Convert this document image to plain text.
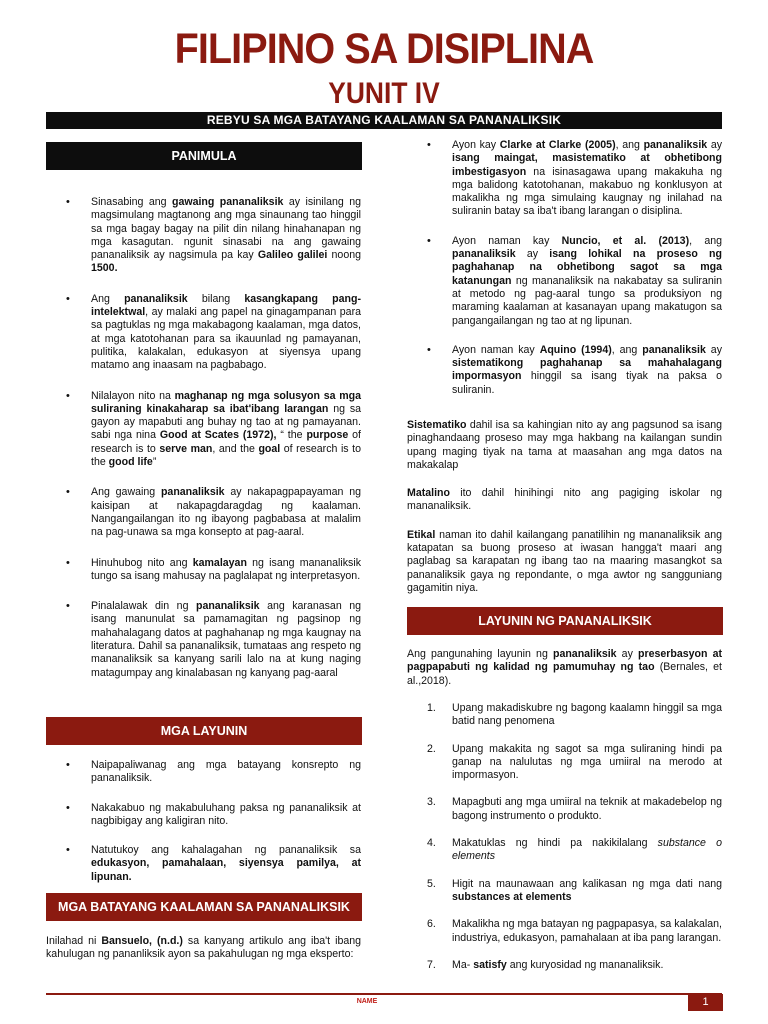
FILIPINO SA DISIPLINA
YUNIT IV
REBYU SA MGA BATAYANG KAALAMAN SA PANANALIKSIK
PANIMULA
• Sinasabing ang gawaing pananaliksik ay isinilang ng magsimulang magtanong ang mga sinaunang tao hinggil sa mga bagay bagay na pilit din nilang hinahanapan ng mga kasagutan. ngunit sinasabi na ang gawaing pananaliksik ay nagsimula pa kay Galileo galilei noong 1500.
• Ang pananaliksik bilang kasangkapang pang-intelektwal, ay malaki ang papel na ginagampanan para sa pagtuklas ng mga makabagong kaalaman, mga datos, at mga katotohanan para sa ikauunlad ng pamayanan, pulitika, kalakalan, edukasyon at siyensya upang matamo ang inaasam na pagbabago.
• Nilalayon nito na maghanap ng mga solusyon sa mga suliraning kinakaharap sa ibat'ibang larangan ng sa gayon ay mapabuti ang buhay ng tao at ng pamayanan. sabi nga nina Good at Scates (1972), “ the purpose of research is to serve man, and the goal of research is to the good life”
• Ang gawaing pananaliksik ay nakapagpapayaman ng kaisipan at nakapagdaragdag ng kaalaman. Nangangailangan ito ng ibayong pagbabasa at malalim na pag-unawa sa mga konsepto at pag-aaral.
• Hinuhubog nito ang kamalayan ng isang mananaliksik tungo sa isang mahusay na paglalapat ng interpretasyon.
• Pinalalawak din ng pananaliksik ang karanasan ng isang manunulat sa pamamagitan ng pagsinop ng mahahalagang datos at paghahanap ng mga kaugnay na literatura. Dahil sa pananaliksik, tumataas ang respeto ng mananaliksik sa kanyang sarili lalo na at kung naging matagumpay ang kinalabasan ng kanyang pag-aaral
MGA LAYUNIN
• Naipapaliwanag ang mga batayang konsrepto ng pananaliksik.
• Nakakabuo ng makabuluhang paksa ng pananaliksik at nagbibigay ang kaligiran nito.
• Natutukoy ang kahalagahan ng pananaliksik sa edukasyon, pamahalaan, siyensya pamilya, at lipunan.
MGA BATAYANG KAALAMAN SA PANANALIKSIK

Inilahad ni Bansuelo, (n.d.) sa kanyang artikulo ang iba't ibang kahulugan ng pananliksik ayon sa pakahulugan ng mga eksperto:

• Ayon kay Clarke at Clarke (2005), ang pananaliksik ay isang maingat, masistematiko at obhetibong imbestigasyon na isinasagawa upang makakuha ng mga balidong katotohanan, makabuo ng konklusyon at makalikha ng mga simulaing kaugnay ng inilahad na suliranin batay sa iba't ibang larangan o disiplina.
• Ayon naman kay Nuncio, et al. (2013), ang pananaliksik ay isang lohikal na proseso ng paghahanap na obhetibong sagot sa mga katanungan ng mananaliksik na nakabatay sa suliranin at metodo ng pag-aaral tungo sa produksiyon ng maraming kaalaman at kasanayan upang makatugon sa pangangailangan ng tao at ng lipunan.
• Ayon naman kay Aquino (1994), ang pananaliksik ay sistematikong paghahanap sa mahahalagang impormasyon hinggil sa isang tiyak na paksa o suliranin.

Sistematiko dahil isa sa kahingian nito ay ang pagsunod sa isang pinaghandaang proseso may mga hakbang na kailangan sundin upang maging tiyak na tama at maasahan ang mga datos na makakalap

Matalino ito dahil hinihingi nito ang pagiging iskolar ng mananaliksik.

Etikal naman ito dahil kailangang panatilihin ng mananaliksik ang katapatan sa buong proseso at iwasan hangga't maari ang paglabag sa karapatan ng ibang tao na maaring masangkot sa pananaliksik gaya ng repondante, o mga awtor ng sangguniang gagamitin niya.

LAYUNIN NG PANANALIKSIK

Ang pangunahing layunin ng pananaliksik ay preserbasyon at pagpapabuti ng kalidad ng pamumuhay ng tao (Bernales, et al.,2018).

1. Upang makadiskubre ng bagong kaalamn hinggil sa mga batid nang penomena
2. Upang makakita ng sagot sa mga suliraning hindi pa ganap na nalulutas ng mga umiiral na merodo at impormasyon.
3. Mapagbuti ang mga umiiral na teknik at makadebelop ng bagong instrumento o produkto.
4. Makatuklas ng hindi pa nakikilalang substance o elements
5. Higit na maunawaan ang kalikasan ng mga dati nang substances at elements
6. Makalikha ng mga batayan ng pagpapasya, sa kalakalan, industriya, edukasyon, pamahalaan at iba pang larangan.
7. Ma- satisfy ang kuryosidad ng mananaliksik.
NAME	1
